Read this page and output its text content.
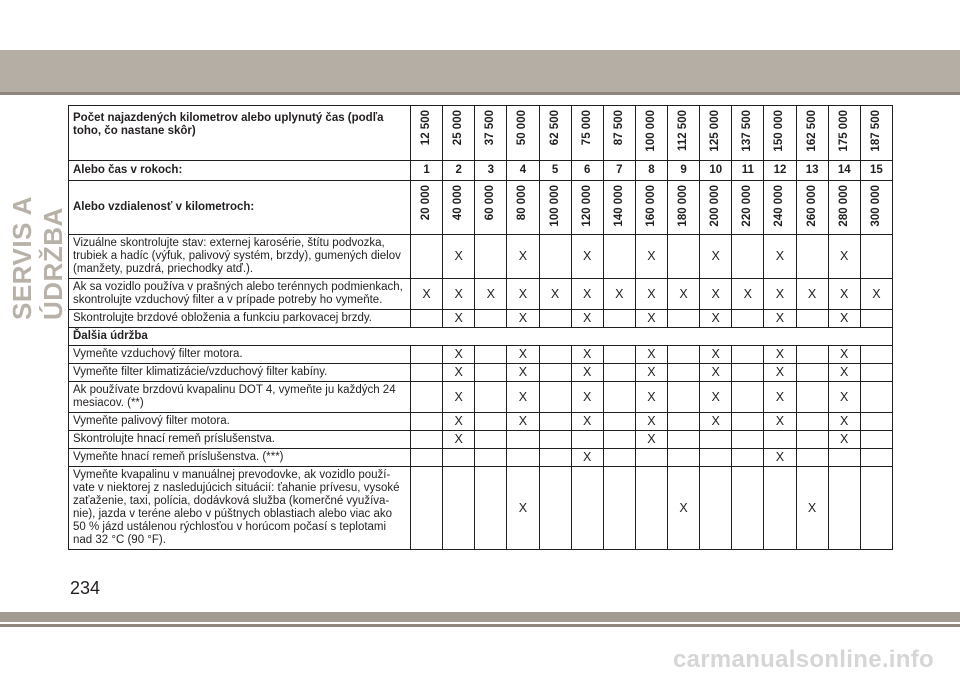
SERVIS A ÚDRŽBA
Počet najazdených kilometrov alebo uplynutý čas (podľa toho, čo nastane skôr)	12 500	25 000	37 500	50 000	62 500	75 000	87 500	100 000	112 500	125 000	137 500	150 000	162 500	175 000	187 500
Alebo čas v rokoch:	1	2	3	4	5	6	7	8	9	10	11	12	13	14	15
Alebo vzdialenosť v kilometroch:	20 000	40 000	60 000	80 000	100 000	120 000	140 000	160 000	180 000	200 000	220 000	240 000	260 000	280 000	300 000
Vizuálne skontrolujte stav: externej karosérie, štítu podvozka, trubiek a hadíc (výfuk, palivový systém, brzdy), gumených dielov (manžety, puzdrá, priechodky atď.).		X		X		X		X		X		X		X	
Ak sa vozidlo používa v prašných alebo terénnych podmienkach, skontrolujte vzduchový filter a v prípade potreby ho vymeňte.	X	X	X	X	X	X	X	X	X	X	X	X	X	X	X
Skontrolujte brzdové obloženia a funkciu parkovacej brzdy.		X		X		X		X		X		X		X	
Ďalšia údržba															
Vymeňte vzduchový filter motora.		X		X		X		X		X		X		X	
Vymeňte filter klimatizácie/vzduchový filter kabíny.		X		X		X		X		X		X		X	
Ak používate brzdovú kvapalinu DOT 4, vymeňte ju každých 24 mesiacov. (**)		X		X		X		X		X		X		X	
Vymeňte palivový filter motora.		X		X		X		X		X		X		X	
Skontrolujte hnací remeň príslušenstva.		X						X						X	
Vymeňte hnací remeň príslušenstva. (***)						X						X			
Vymeňte kvapalinu v manuálnej prevodovke, ak vozidlo použí-vate v niektorej z nasledujúcich situácií: ťahanie prívesu, vysoké zaťaženie, taxi, polícia, dodávková služba (komerčné využíva-nie), jazda v teréne alebo v púštnych oblastiach alebo viac ako 50 % jázd ustálenou rýchlosťou v horúcom počasí s teplotami nad 32 °C (90 °F).				X					X				X		
234
carmanualsonline.info
